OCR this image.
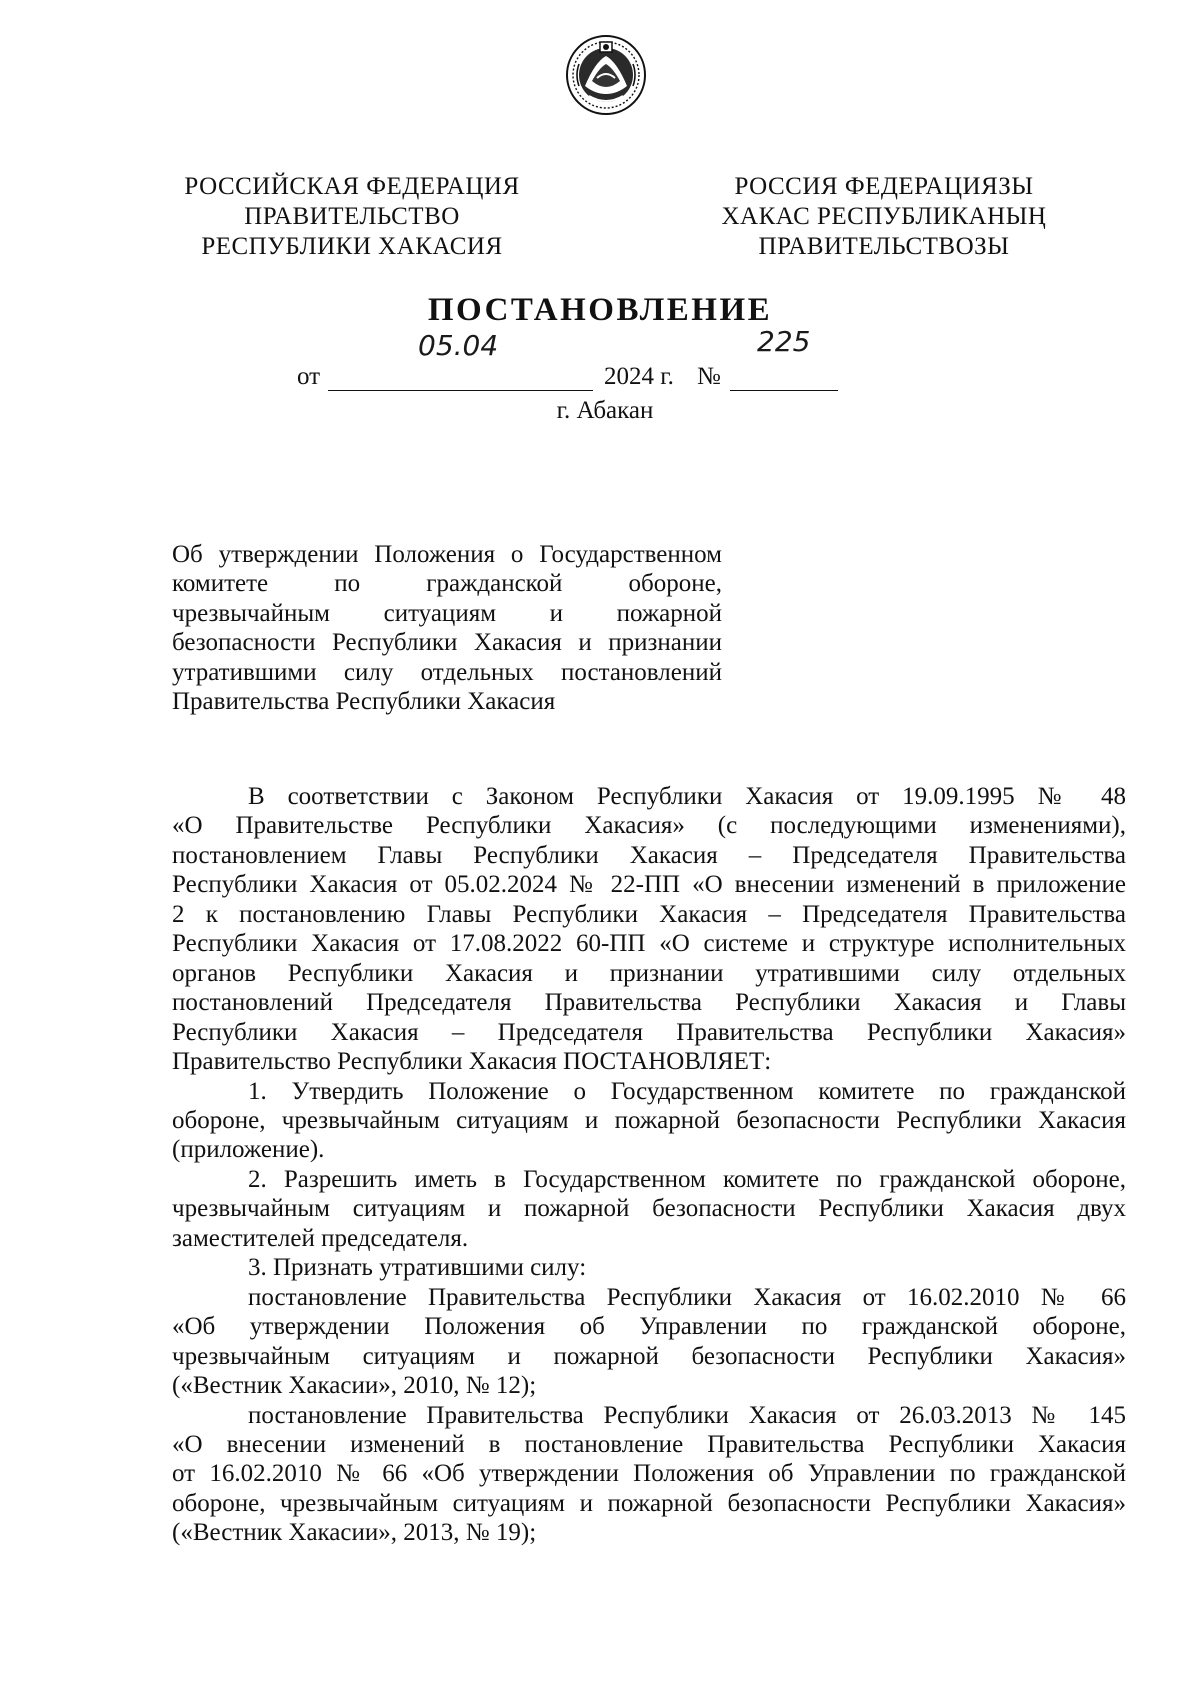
РОССИЙСКАЯ ФЕДЕРАЦИЯ
ПРАВИТЕЛЬСТВО
РЕСПУБЛИКИ ХАКАСИЯ
РОССИЯ ФЕДЕРАЦИЯЗЫ
ХАКАС РЕСПУБЛИКАНЫҢ
ПРАВИТЕЛЬСТВОЗЫ
ПОСТАНОВЛЕНИЕ
от
05.04
2024 г. №
225
г. Абакан
Об утверждении Положения о Государственном
комитете по гражданской обороне,
чрезвычайным ситуациям и пожарной
безопасности Республики Хакасия и признании
утратившими силу отдельных постановлений
Правительства Республики Хакасия
В соответствии с Законом Республики Хакасия от 19.09.1995 № 48
«О Правительстве Республики Хакасия» (с последующими изменениями),
постановлением Главы Республики Хакасия – Председателя Правительства
Республики Хакасия от 05.02.2024 № 22-ПП «О внесении изменений в приложение
2 к постановлению Главы Республики Хакасия – Председателя Правительства
Республики Хакасия от 17.08.2022 60-ПП «О системе и структуре исполнительных
органов Республики Хакасия и признании утратившими силу отдельных
постановлений Председателя Правительства Республики Хакасия и Главы
Республики Хакасия – Председателя Правительства Республики Хакасия»
Правительство Республики Хакасия ПОСТАНОВЛЯЕТ:
1. Утвердить Положение о Государственном комитете по гражданской
обороне, чрезвычайным ситуациям и пожарной безопасности Республики Хакасия
(приложение).
2. Разрешить иметь в Государственном комитете по гражданской обороне,
чрезвычайным ситуациям и пожарной безопасности Республики Хакасия двух
заместителей председателя.
3. Признать утратившими силу:
постановление Правительства Республики Хакасия от 16.02.2010 № 66
«Об утверждении Положения об Управлении по гражданской обороне,
чрезвычайным ситуациям и пожарной безопасности Республики Хакасия»
(«Вестник Хакасии», 2010, № 12);
постановление Правительства Республики Хакасия от 26.03.2013 № 145
«О внесении изменений в постановление Правительства Республики Хакасия
от 16.02.2010 № 66 «Об утверждении Положения об Управлении по гражданской
обороне, чрезвычайным ситуациям и пожарной безопасности Республики Хакасия»
(«Вестник Хакасии», 2013, № 19);
